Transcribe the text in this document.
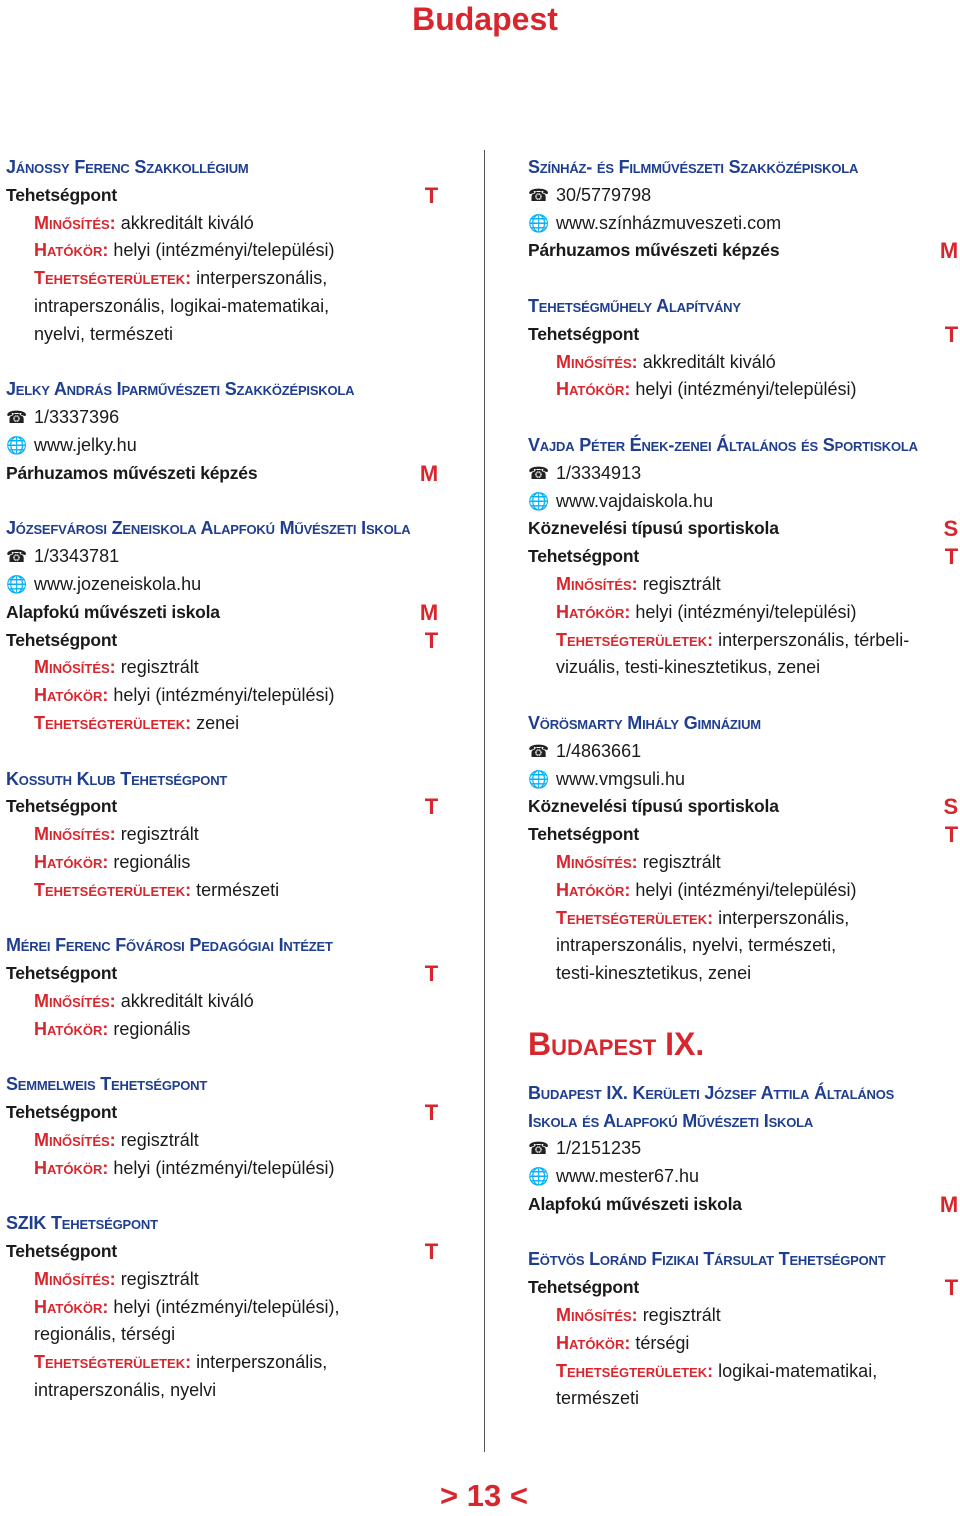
Budapest
Jánossy Ferenc Szakkollégium
Tehetségpont	T
Minősítés: akkreditált kiváló
Hatókör: helyi (intézményi/települési)
Tehetségterületek: interperszonális,
intraperszonális, logikai-matematikai,
nyelvi, természeti
Jelky András Iparművészeti Szakközépiskola
☎ 1/3337396
🌐 www.jelky.hu
Párhuzamos művészeti képzés	M
Józsefvárosi Zeneiskola Alapfokú Művészeti Iskola
☎ 1/3343781
🌐 www.jozeneiskola.hu
Alapfokú művészeti iskola	M
Tehetségpont	T
Minősítés: regisztrált
Hatókör: helyi (intézményi/települési)
Tehetségterületek: zenei
Kossuth Klub Tehetségpont
Tehetségpont	T
Minősítés: regisztrált
Hatókör: regionális
Tehetségterületek: természeti
Mérei Ferenc Fővárosi Pedagógiai Intézet
Tehetségpont	T
Minősítés: akkreditált kiváló
Hatókör: regionális
Semmelweis Tehetségpont
Tehetségpont	T
Minősítés: regisztrált
Hatókör: helyi (intézményi/települési)
SZIK Tehetségpont
Tehetségpont	T
Minősítés: regisztrált
Hatókör: helyi (intézményi/települési),
regionális, térségi
Tehetségterületek: interperszonális,
intraperszonális, nyelvi
Színház- és Filmművészeti Szakközépiskola
☎ 30/5779798
🌐 www.színházmuveszeti.com
Párhuzamos művészeti képzés	M
Tehetségműhely Alapítvány
Tehetségpont	T
Minősítés: akkreditált kiváló
Hatókör: helyi (intézményi/települési)
Vajda Péter Ének-zenei Általános és Sportiskola
☎ 1/3334913
🌐 www.vajdaiskola.hu
Köznevelési típusú sportiskola	S
Tehetségpont	T
Minősítés: regisztrált
Hatókör: helyi (intézményi/települési)
Tehetségterületek: interperszonális, térbeli-
vizuális, testi-kinesztetikus, zenei
Vörösmarty Mihály Gimnázium
☎ 1/4863661
🌐 www.vmgsuli.hu
Köznevelési típusú sportiskola	S
Tehetségpont	T
Minősítés: regisztrált
Hatókör: helyi (intézményi/települési)
Tehetségterületek: interperszonális,
intraperszonális, nyelvi, természeti,
testi-kinesztetikus, zenei
Budapest IX.
Budapest IX. Kerületi József Attila Általános
Iskola és Alapfokú Művészeti Iskola
☎ 1/2151235
🌐 www.mester67.hu
Alapfokú művészeti iskola	M
Eötvös Loránd Fizikai Társulat Tehetségpont
Tehetségpont	T
Minősítés: regisztrált
Hatókör: térségi
Tehetségterületek: logikai-matematikai,
természeti
> 13 <
